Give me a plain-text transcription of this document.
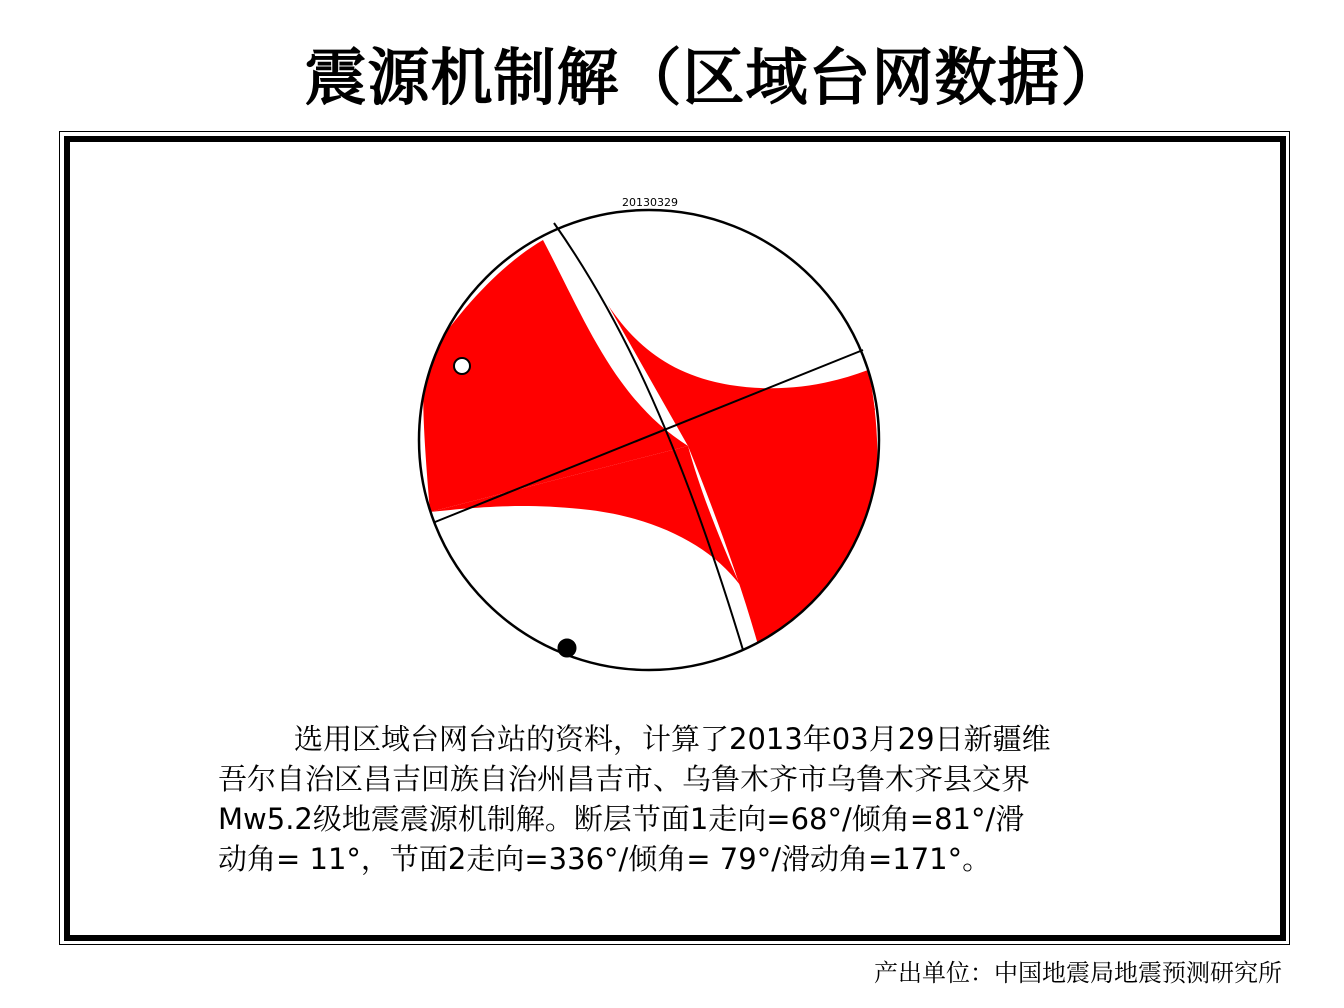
震源机制解（区域台网数据）
20130329
选用区域台网台站的资料，计算了2013年03月29日新疆维
吾尔自治区昌吉回族自治州昌吉市、乌鲁木齐市乌鲁木齐县交界
Mw5.2级地震震源机制解。断层节面1走向=68°/倾角=81°/滑
动角= 11°，节面2走向=336°/倾角= 79°/滑动角=171°。
产出单位：中国地震局地震预测研究所
